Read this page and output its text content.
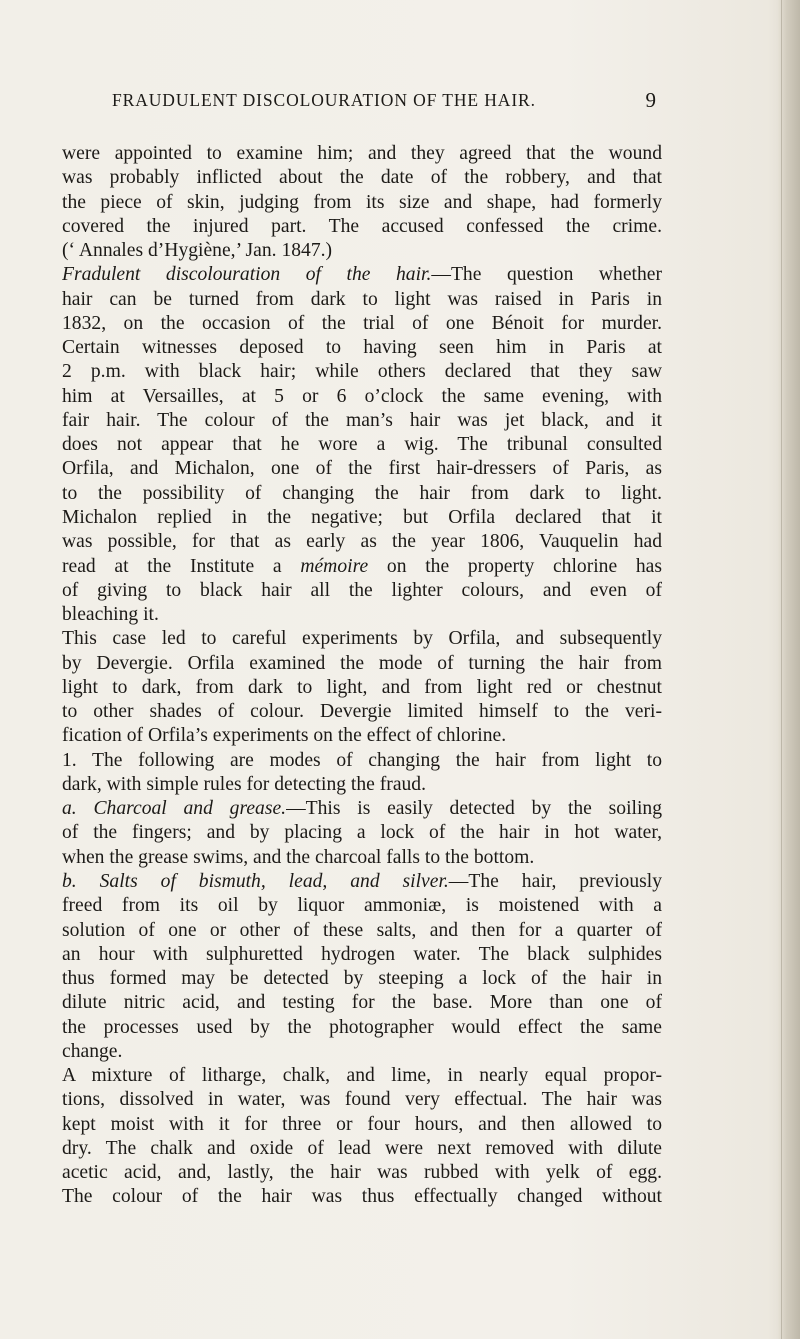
FRAUDULENT DISCOLOURATION OF THE HAIR.	9
were appointed to examine him; and they agreed that the wound
was probably inflicted about the date of the robbery, and that
the piece of skin, judging from its size and shape, had formerly
covered the injured part. The accused confessed the crime.
(‘ Annales d’Hygiène,’ Jan. 1847.)
Fradulent discolouration of the hair.—The question whether
hair can be turned from dark to light was raised in Paris in
1832, on the occasion of the trial of one Bénoit for murder.
Certain witnesses deposed to having seen him in Paris at
2 p.m. with black hair; while others declared that they saw
him at Versailles, at 5 or 6 o’clock the same evening, with
fair hair. The colour of the man’s hair was jet black, and it
does not appear that he wore a wig. The tribunal consulted
Orfila, and Michalon, one of the first hair-dressers of Paris, as
to the possibility of changing the hair from dark to light.
Michalon replied in the negative; but Orfila declared that it
was possible, for that as early as the year 1806, Vauquelin had
read at the Institute a mémoire on the property chlorine has
of giving to black hair all the lighter colours, and even of
bleaching it.
This case led to careful experiments by Orfila, and subsequently
by Devergie. Orfila examined the mode of turning the hair from
light to dark, from dark to light, and from light red or chestnut
to other shades of colour. Devergie limited himself to the veri-
fication of Orfila’s experiments on the effect of chlorine.
1. The following are modes of changing the hair from light to
dark, with simple rules for detecting the fraud.
a. Charcoal and grease.—This is easily detected by the soiling
of the fingers; and by placing a lock of the hair in hot water,
when the grease swims, and the charcoal falls to the bottom.
b. Salts of bismuth, lead, and silver.—The hair, previously
freed from its oil by liquor ammoniæ, is moistened with a
solution of one or other of these salts, and then for a quarter of
an hour with sulphuretted hydrogen water. The black sulphides
thus formed may be detected by steeping a lock of the hair in
dilute nitric acid, and testing for the base. More than one of
the processes used by the photographer would effect the same
change.
A mixture of litharge, chalk, and lime, in nearly equal propor-
tions, dissolved in water, was found very effectual. The hair was
kept moist with it for three or four hours, and then allowed to
dry. The chalk and oxide of lead were next removed with dilute
acetic acid, and, lastly, the hair was rubbed with yelk of egg.
The colour of the hair was thus effectually changed without
